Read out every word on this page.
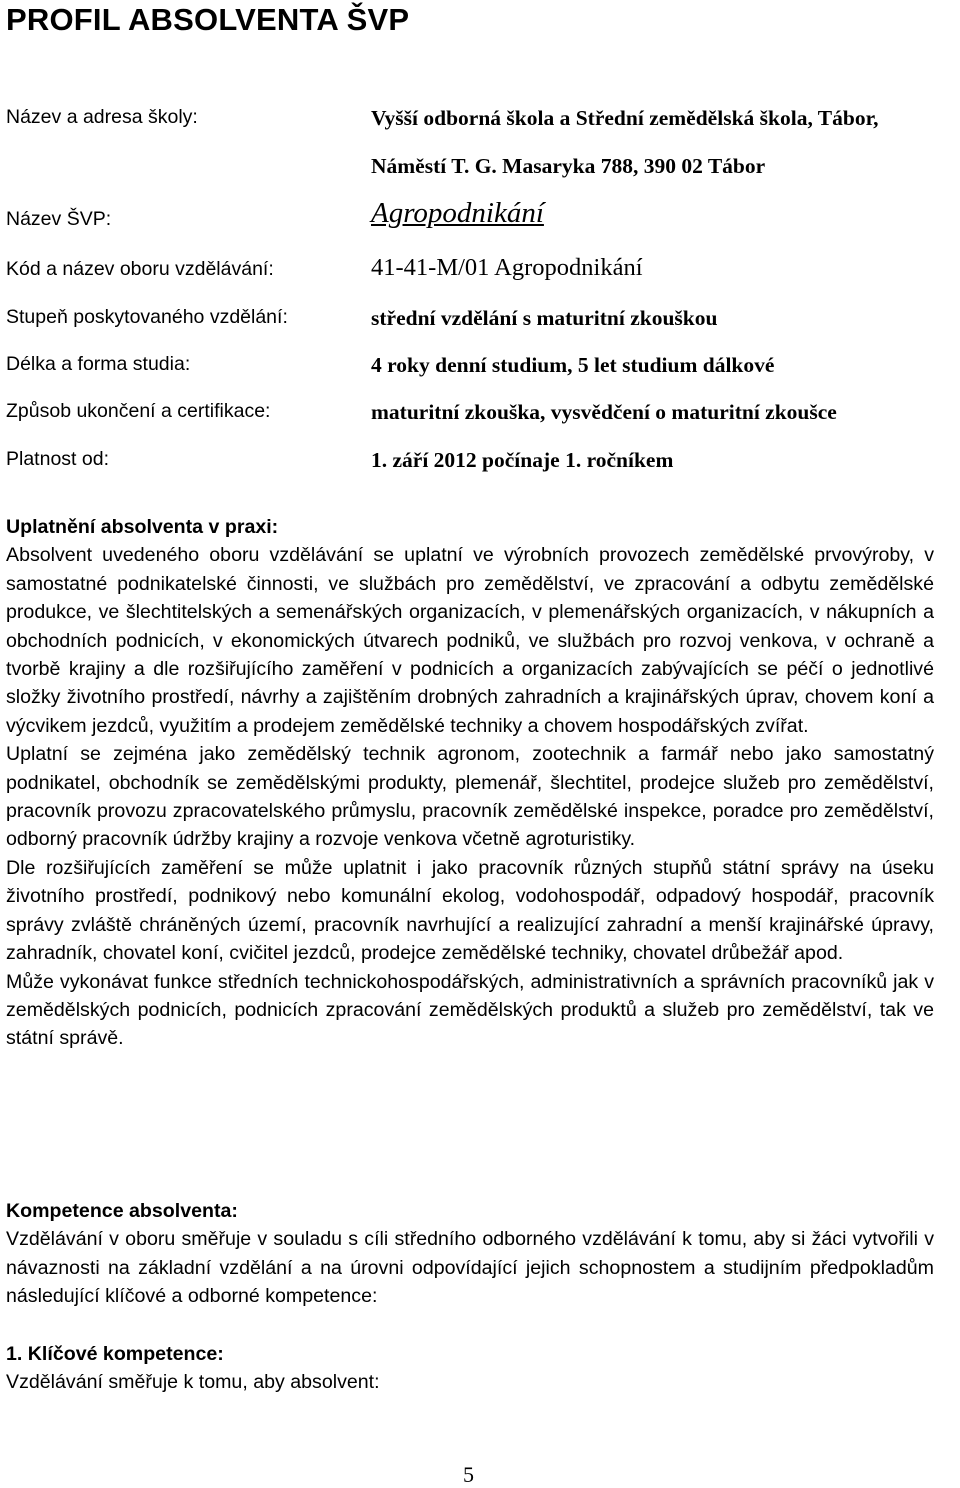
PROFIL ABSOLVENTA ŠVP
Název a adresa školy:	Vyšší odborná škola a Střední zemědělská škola, Tábor,
Náměstí T. G. Masaryka 788, 390 02 Tábor
Název ŠVP:	Agropodnikání
Kód a název oboru vzdělávání:	41-41-M/01 Agropodnikání
Stupeň poskytovaného vzdělání:	střední vzdělání s maturitní zkouškou
Délka a forma studia:	4 roky denní studium, 5 let studium dálkové
Způsob ukončení a certifikace:	maturitní zkouška, vysvědčení o maturitní zkoušce
Platnost od:	1. září 2012 počínaje 1. ročníkem
Uplatnění absolventa v praxi:

Absolvent uvedeného oboru vzdělávání se uplatní ve výrobních provozech zemědělské prvovýroby, v samostatné podnikatelské činnosti, ve službách pro zemědělství, ve zpracování a odbytu zemědělské produkce, ve šlechtitelských a semenářských organizacích, v plemenářských organizacích, v nákupních a obchodních podnicích, v ekonomických útvarech podniků, ve službách pro rozvoj venkova, v ochraně a tvorbě krajiny a dle rozšiřujícího zaměření v podnicích a organizacích zabývajících se péčí o jednotlivé složky životního prostředí, návrhy a zajištěním drobných zahradních a krajinářských úprav, chovem koní a výcvikem jezdců, využitím a prodejem zemědělské techniky a chovem hospodářských zvířat.

Uplatní se zejména jako zemědělský technik agronom, zootechnik a farmář nebo jako samostatný podnikatel, obchodník se zemědělskými produkty, plemenář, šlechtitel, prodejce služeb pro zemědělství, pracovník provozu zpracovatelského průmyslu, pracovník zemědělské inspekce, poradce pro zemědělství, odborný pracovník údržby krajiny a rozvoje venkova včetně agroturistiky.

Dle rozšiřujících zaměření se může uplatnit i jako pracovník různých stupňů státní správy na úseku životního prostředí, podnikový nebo komunální ekolog, vodohospodář, odpadový hospodář, pracovník správy zvláště chráněných území, pracovník navrhující a realizující zahradní a menší krajinářské úpravy, zahradník, chovatel koní, cvičitel jezdců, prodejce zemědělské techniky, chovatel drůbežář apod.

Může vykonávat funkce středních technickohospodářských, administrativních a správních pracovníků jak v zemědělských podnicích, podnicích zpracování zemědělských produktů a služeb pro zemědělství, tak ve státní správě.

Kompetence absolventa:

Vzdělávání v oboru směřuje v souladu s cíli středního odborného vzdělávání k tomu, aby si žáci vytvořili v návaznosti na základní vzdělání a na úrovni odpovídající jejich schopnostem a studijním předpokladům následující klíčové a odborné kompetence:

1. Klíčové kompetence:

Vzdělávání směřuje k tomu, aby absolvent:

5
